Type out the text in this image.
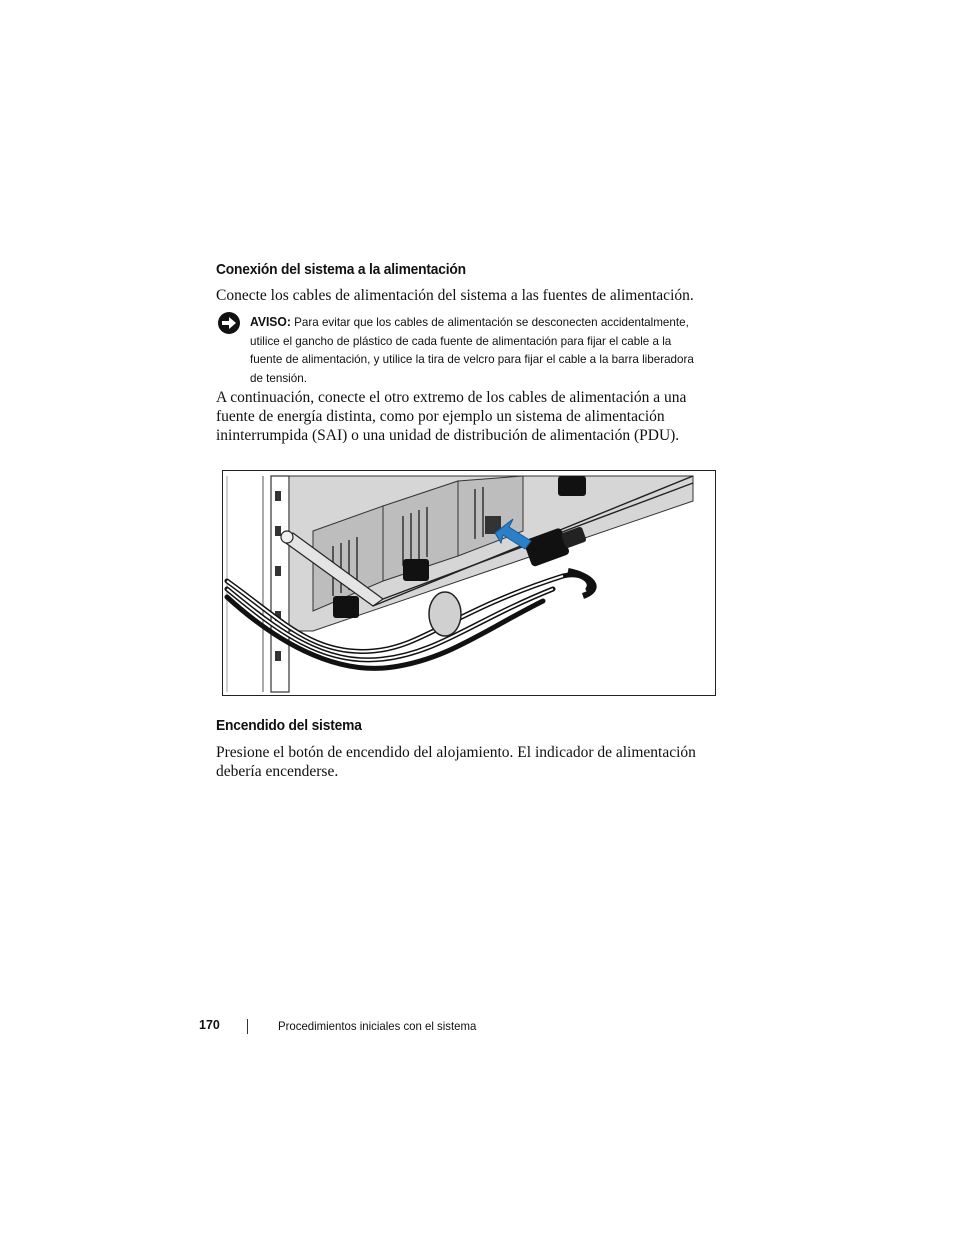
Conexión del sistema a la alimentación
Conecte los cables de alimentación del sistema a las fuentes de alimentación.
AVISO: Para evitar que los cables de alimentación se desconecten accidentalmente, utilice el gancho de plástico de cada fuente de alimentación para fijar el cable a la fuente de alimentación, y utilice la tira de velcro para fijar el cable a la barra liberadora de tensión.
A continuación, conecte el otro extremo de los cables de alimentación a una fuente de energía distinta, como por ejemplo un sistema de alimentación ininterrumpida (SAI) o una unidad de distribución de alimentación (PDU).
Encendido del sistema
Presione el botón de encendido del alojamiento. El indicador de alimentación debería encenderse.
170	Procedimientos iniciales con el sistema
